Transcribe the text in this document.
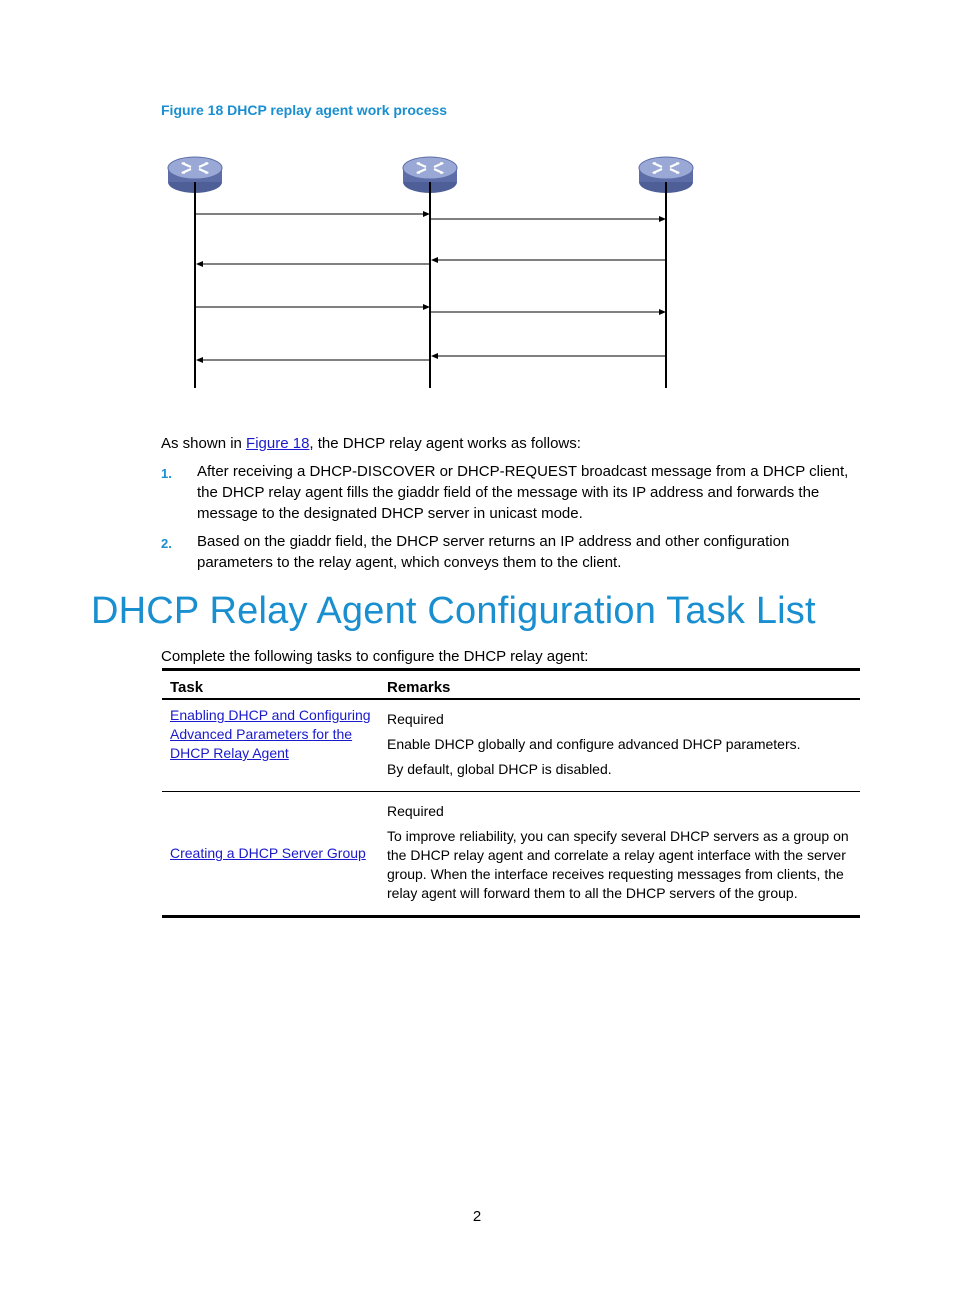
Figure 18 DHCP replay agent work process
As shown in Figure 18, the DHCP relay agent works as follows:
1. After receiving a DHCP-DISCOVER or DHCP-REQUEST broadcast message from a DHCP client, the DHCP relay agent fills the giaddr field of the message with its IP address and forwards the message to the designated DHCP server in unicast mode.
2. Based on the giaddr field, the DHCP server returns an IP address and other configuration parameters to the relay agent, which conveys them to the client.
DHCP Relay Agent Configuration Task List
Complete the following tasks to configure the DHCP relay agent:
Task	Remarks
Enabling DHCP and Configuring Advanced Parameters for the DHCP Relay Agent	Required
Enable DHCP globally and configure advanced DHCP parameters.
By default, global DHCP is disabled.

Creating a DHCP Server Group	Required
To improve reliability, you can specify several DHCP servers as a group on the DHCP relay agent and correlate a relay agent interface with the server group. When the interface receives requesting messages from clients, the relay agent will forward them to all the DHCP servers of the group.
2
